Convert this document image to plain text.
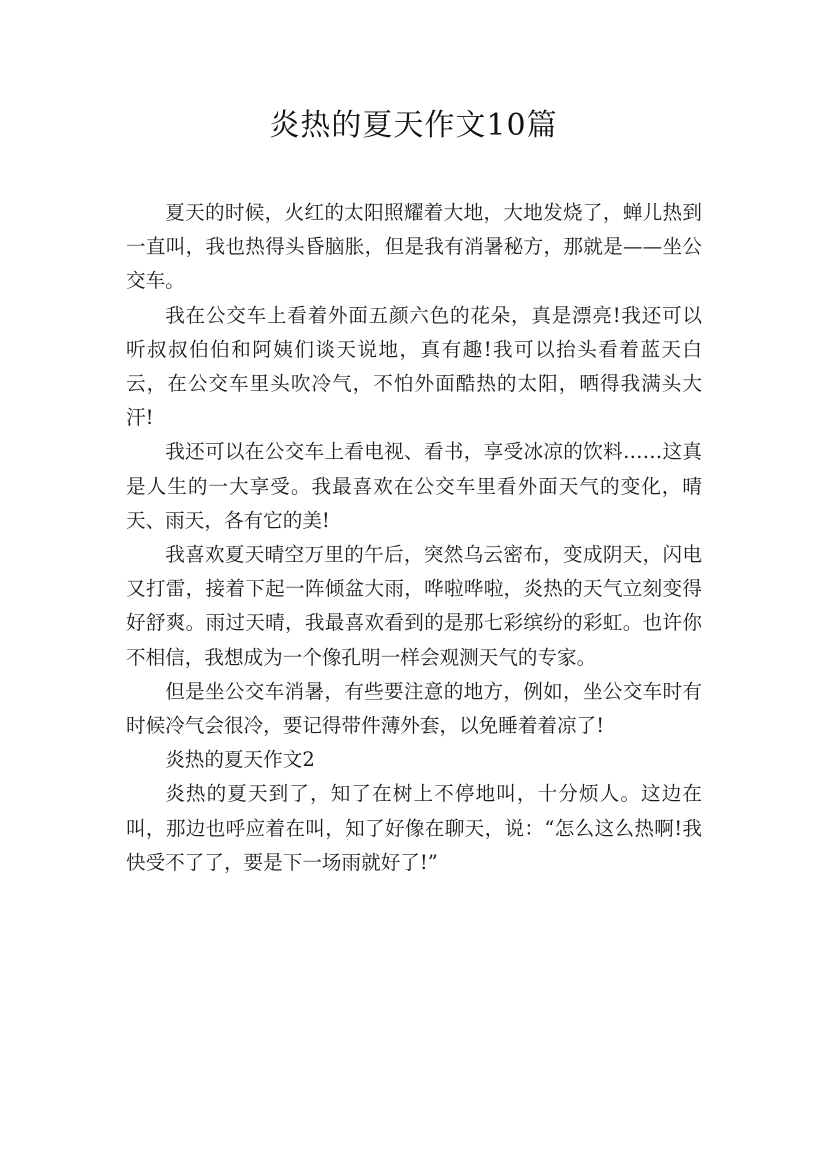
炎热的夏天作文10篇

夏天的时候，火红的太阳照耀着大地，大地发烧了，蝉儿热到一直叫，我也热得头昏脑胀，但是我有消暑秘方，那就是——坐公交车。

我在公交车上看着外面五颜六色的花朵，真是漂亮!我还可以听叔叔伯伯和阿姨们谈天说地，真有趣!我可以抬头看着蓝天白云，在公交车里头吹冷气，不怕外面酷热的太阳，晒得我满头大汗!

我还可以在公交车上看电视、看书，享受冰凉的饮料……这真是人生的一大享受。我最喜欢在公交车里看外面天气的变化，晴天、雨天，各有它的美!

我喜欢夏天晴空万里的午后，突然乌云密布，变成阴天，闪电又打雷，接着下起一阵倾盆大雨，哗啦哗啦，炎热的天气立刻变得好舒爽。雨过天晴，我最喜欢看到的是那七彩缤纷的彩虹。也许你不相信，我想成为一个像孔明一样会观测天气的专家。

但是坐公交车消暑，有些要注意的地方，例如，坐公交车时有时候冷气会很冷，要记得带件薄外套，以免睡着着凉了!

炎热的夏天作文2

炎热的夏天到了，知了在树上不停地叫，十分烦人。这边在叫，那边也呼应着在叫，知了好像在聊天，说：“怎么这么热啊!我快受不了了，要是下一场雨就好了!”
